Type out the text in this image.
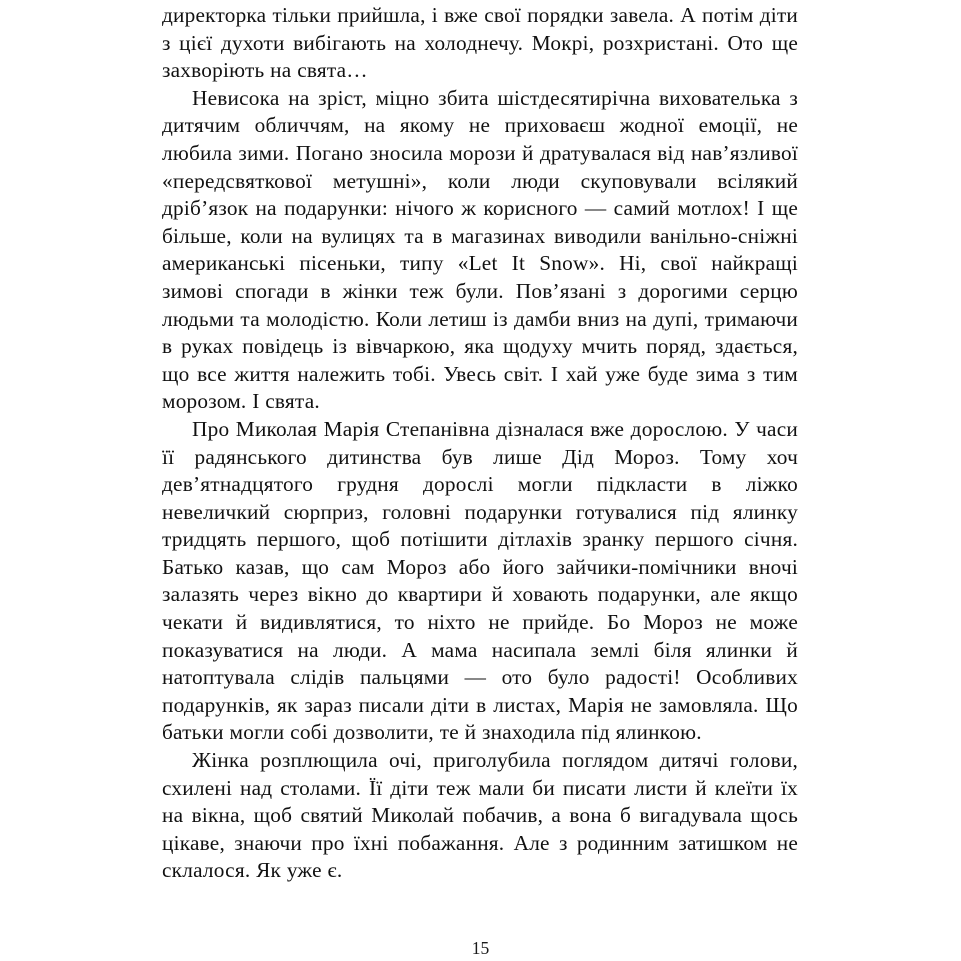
директорка тільки прийшла, і вже свої порядки завела. А потім діти з цієї духоти вибігають на холоднечу. Мокрі, розхристані. Ото ще захворіють на свята…

Невисока на зріст, міцно збита шістдесятирічна вихователька з дитячим обличчям, на якому не приховаєш жодної емоції, не любила зими. Погано зносила морози й дратувалася від нав’язливої «передсвяткової метушні», коли люди скуповували всілякий дріб’язок на подарунки: нічого ж корисного — самий мотлох! І ще більше, коли на вулицях та в магазинах виводили ванільно-сніжні американські пісеньки, типу «Let It Snow». Ні, свої найкращі зимові спогади в жінки теж були. Пов’язані з дорогими серцю людьми та молодістю. Коли летиш із дамби вниз на дупі, тримаючи в руках повідець із вівчаркою, яка щодуху мчить поряд, здається, що все життя належить тобі. Увесь світ. І хай уже буде зима з тим морозом. І свята.

Про Миколая Марія Степанівна дізналася вже дорослою. У часи її радянського дитинства був лише Дід Мороз. Тому хоч дев’ятнадцятого грудня дорослі могли підкласти в ліжко невеличкий сюрприз, головні подарунки готувалися під ялинку тридцять першого, щоб потішити дітлахів зранку першого січня. Батько казав, що сам Мороз або його зайчики-помічники вночі залазять через вікно до квартири й ховають подарунки, але якщо чекати й видивлятися, то ніхто не прийде. Бо Мороз не може показуватися на люди. А мама насипала землі біля ялинки й натоптувала слідів пальцями — ото було радості! Особливих подарунків, як зараз писали діти в листах, Марія не замовляла. Що батьки могли собі дозволити, те й знаходила під ялинкою.

Жінка розплющила очі, приголубила поглядом дитячі голови, схилені над столами. Її діти теж мали би писати листи й клеїти їх на вікна, щоб святий Миколай побачив, а вона б вигадувала щось цікаве, знаючи про їхні побажання. Але з родинним затишком не склалося. Як уже є.

15
